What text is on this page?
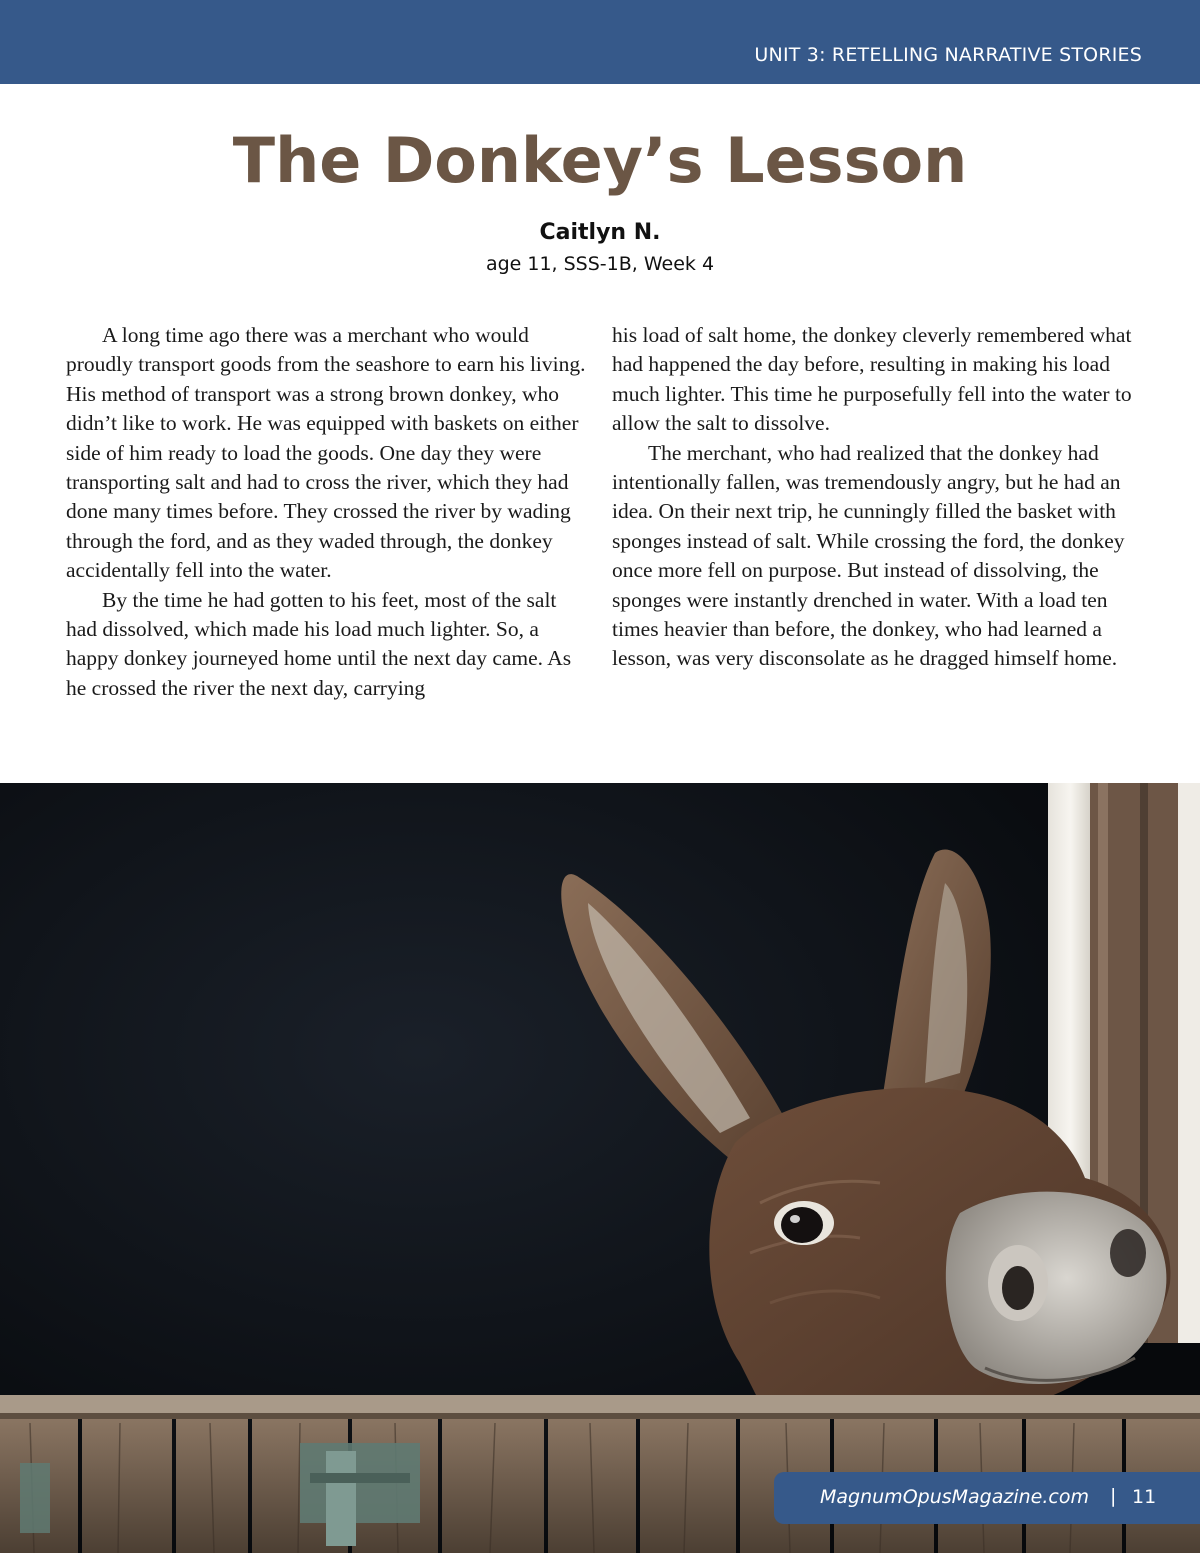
UNIT 3: RETELLING NARRATIVE STORIES
The Donkey’s Lesson
Caitlyn N.
age 11, SSS-1B, Week 4

A long time ago there was a merchant who would proudly transport goods from the seashore to earn his living. His method of transport was a strong brown donkey, who didn’t like to work. He was equipped with baskets on either side of him ready to load the goods. One day they were transporting salt and had to cross the river, which they had done many times before. They crossed the river by wading through the ford, and as they waded through, the donkey accidentally fell into the water.

By the time he had gotten to his feet, most of the salt had dissolved, which made his load much lighter. So, a happy donkey journeyed home until the next day came. As he crossed the river the next day, carrying

his load of salt home, the donkey cleverly remembered what had happened the day before, resulting in making his load much lighter. This time he purposefully fell into the water to allow the salt to dissolve.

The merchant, who had realized that the donkey had intentionally fallen, was tremendously angry, but he had an idea. On their next trip, he cunningly filled the basket with sponges instead of salt. While crossing the ford, the donkey once more fell on purpose. But instead of dissolving, the sponges were instantly drenched in water. With a load ten times heavier than before, the donkey, who had learned a lesson, was very disconsolate as he dragged himself home.

MagnumOpusMagazine.com | 11
